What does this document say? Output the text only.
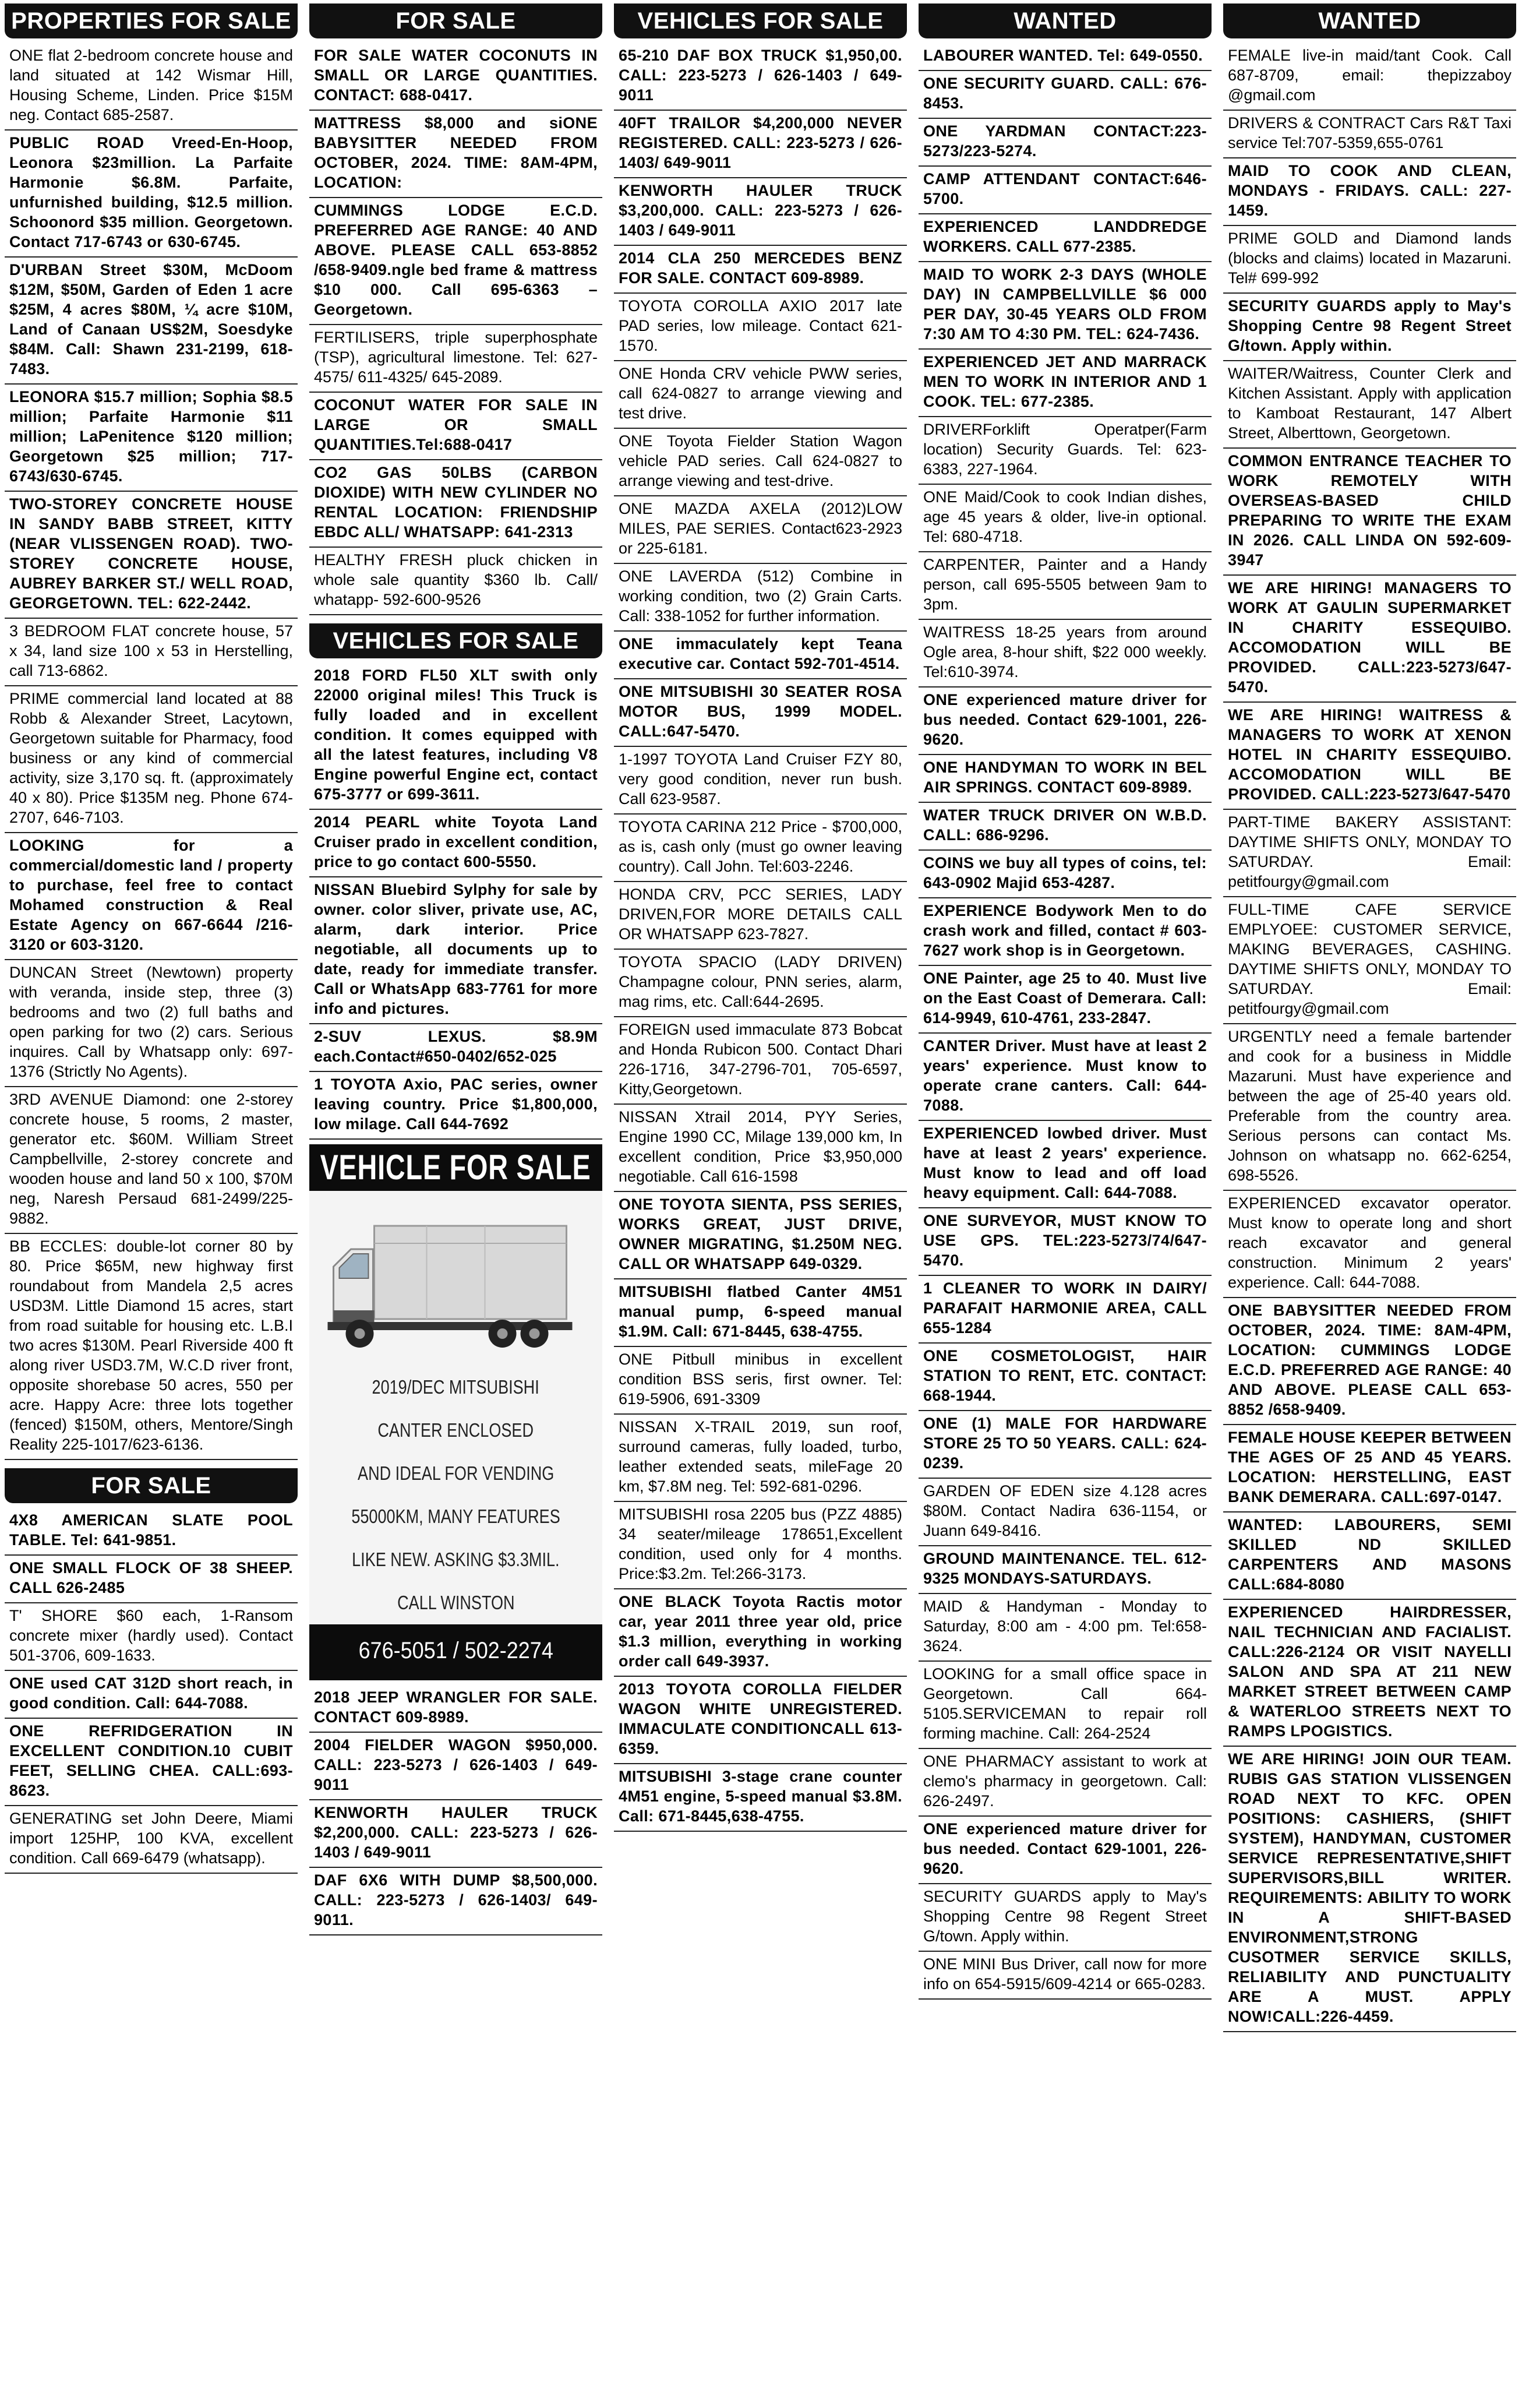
PROPERTIES FOR SALE
ONE flat 2-bedroom concrete house and land situated at 142 Wismar Hill, Housing Scheme, Linden. Price $15M neg. Contact 685-2587.
PUBLIC ROAD Vreed-En-Hoop, Leonora $23million. La Parfaite Harmonie $6.8M. Parfaite, unfurnished building, $12.5 million. Schoonord $35 million. Georgetown. Contact 717-6743 or 630-6745.
D'URBAN Street $30M, McDoom $12M, $50M, Garden of Eden 1 acre $25M, 4 acres $80M, ¼ acre $10M, Land of Canaan US$2M, Soesdyke $84M. Call: Shawn 231-2199, 618-7483.
LEONORA $15.7 million; Sophia $8.5 million; Parfaite Harmonie $11 million; LaPenitence $120 million; Georgetown $25 million; 717-6743/630-6745.
TWO-STOREY CONCRETE HOUSE IN SANDY BABB STREET, KITTY (NEAR VLISSENGEN ROAD). TWO-STOREY CONCRETE HOUSE, AUBREY BARKER ST./ WELL ROAD, GEORGETOWN. TEL: 622-2442.
3 BEDROOM FLAT concrete house, 57 x 34, land size 100 x 53 in Herstelling, call 713-6862.
PRIME commercial land located at 88 Robb & Alexander Street, Lacytown, Georgetown suitable for Pharmacy, food business or any kind of commercial activity, size 3,170 sq. ft. (approximately 40 x 80). Price $135M neg. Phone 674-2707, 646-7103.
LOOKING for a commercial/domestic land / property to purchase, feel free to contact Mohamed construction & Real Estate Agency on 667-6644 /216-3120 or 603-3120.
DUNCAN Street (Newtown) property with veranda, inside step, three (3) bedrooms and two (2) full baths and open parking for two (2) cars. Serious inquires. Call by Whatsapp only: 697-1376 (Strictly No Agents).
3RD AVENUE Diamond: one 2-storey concrete house, 5 rooms, 2 master, generator etc. $60M. William Street Campbellville, 2-storey concrete and wooden house and land 50 x 100, $70M neg, Naresh Persaud 681-2499/225-9882.
BB ECCLES: double-lot corner 80 by 80. Price $65M, new highway first roundabout from Mandela 2,5 acres USD3M. Little Diamond 15 acres, start from road suitable for housing etc. L.B.I two acres $130M. Pearl Riverside 400 ft along river USD3.7M, W.C.D river front, opposite shorebase 50 acres, 550 per acre. Happy Acre: three lots together (fenced) $150M, others, Mentore/Singh Reality 225-1017/623-6136.
FOR SALE
4X8 AMERICAN SLATE POOL TABLE. Tel: 641-9851.
ONE SMALL FLOCK OF 38 SHEEP. CALL 626-2485
T' SHORE $60 each, 1-Ransom concrete mixer (hardly used). Contact 501-3706, 609-1633.
ONE used CAT 312D short reach, in good condition. Call: 644-7088.
ONE REFRIDGERATION IN EXCELLENT CONDITION.10 CUBIT FEET, SELLING CHEA. CALL:693-8623.
GENERATING set John Deere, Miami import 125HP, 100 KVA, excellent condition. Call 669-6479 (whatsapp).
FOR SALE
FOR SALE WATER COCONUTS IN SMALL OR LARGE QUANTITIES. CONTACT: 688-0417.
MATTRESS $8,000 and siONE BABYSITTER NEEDED FROM OCTOBER, 2024. TIME: 8AM-4PM, LOCATION:
CUMMINGS LODGE E.C.D. PREFERRED AGE RANGE: 40 AND ABOVE. PLEASE CALL 653-8852 /658-9409.ngle bed frame & mattress $10 000. Call 695-6363 – Georgetown.
FERTILISERS, triple superphosphate (TSP), agricultural limestone. Tel: 627-4575/ 611-4325/ 645-2089.
COCONUT WATER FOR SALE IN LARGE OR SMALL QUANTITIES.Tel:688-0417
CO2 GAS 50LBS (CARBON DIOXIDE) WITH NEW CYLINDER NO RENTAL LOCATION: FRIENDSHIP EBDC ALL/ WHATSAPP: 641-2313
HEALTHY FRESH pluck chicken in whole sale quantity $360 lb. Call/ whatapp- 592-600-9526
VEHICLES FOR SALE
2018 FORD FL50 XLT swith only 22000 original miles! This Truck is fully loaded and in excellent condition. It comes equipped with all the latest features, including V8 Engine powerful Engine ect, contact 675-3777 or 699-3611.
2014 PEARL white Toyota Land Cruiser prado in excellent condition, price to go contact 600-5550.
NISSAN Bluebird Sylphy for sale by owner. color sliver, private use, AC, alarm, dark interior. Price negotiable, all documents up to date, ready for immediate transfer. Call or WhatsApp 683-7761 for more info and pictures.
2-SUV LEXUS. $8.9M each.Contact#650-0402/652-025
1 TOYOTA Axio, PAC series, owner leaving country. Price $1,800,000, low milage. Call 644-7692
VEHICLE FOR SALE
2019/DEC MITSUBISHI
CANTER ENCLOSED
AND IDEAL FOR VENDING
55000KM, MANY FEATURES
LIKE NEW. ASKING $3.3MIL.
CALL WINSTON
676-5051 / 502-2274
2018 JEEP WRANGLER FOR SALE. CONTACT 609-8989.
2004 FIELDER WAGON $950,000. CALL: 223-5273 / 626-1403 / 649-9011
KENWORTH HAULER TRUCK $2,200,000. CALL: 223-5273 / 626-1403 / 649-9011
DAF 6X6 WITH DUMP $8,500,000. CALL: 223-5273 / 626-1403/ 649-9011.
VEHICLES FOR SALE
65-210 DAF BOX TRUCK $1,950,00. CALL: 223-5273 / 626-1403 / 649-9011
40FT TRAILOR $4,200,000 NEVER REGISTERED. CALL: 223-5273 / 626-1403/ 649-9011
KENWORTH HAULER TRUCK $3,200,000. CALL: 223-5273 / 626-1403 / 649-9011
2014 CLA 250 MERCEDES BENZ FOR SALE. CONTACT 609-8989.
TOYOTA COROLLA AXIO 2017 late PAD series, low mileage. Contact 621-1570.
ONE Honda CRV vehicle PWW series, call 624-0827 to arrange viewing and test drive.
ONE Toyota Fielder Station Wagon vehicle PAD series. Call 624-0827 to arrange viewing and test-drive.
ONE MAZDA AXELA (2012)LOW MILES, PAE SERIES. Contact623-2923 or 225-6181.
ONE LAVERDA (512) Combine in working condition, two (2) Grain Carts. Call: 338-1052 for further information.
ONE immaculately kept Teana executive car. Contact 592-701-4514.
ONE MITSUBISHI 30 SEATER ROSA MOTOR BUS, 1999 MODEL. CALL:647-5470.
1-1997 TOYOTA Land Cruiser FZY 80, very good condition, never run bush. Call 623-9587.
TOYOTA CARINA 212 Price - $700,000, as is, cash only (must go owner leaving country). Call John. Tel:603-2246.
HONDA CRV, PCC SERIES, LADY DRIVEN,FOR MORE DETAILS CALL OR WHATSAPP 623-7827.
TOYOTA SPACIO (LADY DRIVEN) Champagne colour, PNN series, alarm, mag rims, etc. Call:644-2695.
FOREIGN used immaculate 873 Bobcat and Honda Rubicon 500. Contact Dhari 226-1716, 347-2796-701, 705-6597, Kitty,Georgetown.
NISSAN Xtrail 2014, PYY Series, Engine 1990 CC, Milage 139,000 km, In excellent condition, Price $3,950,000 negotiable. Call 616-1598
ONE TOYOTA SIENTA, PSS SERIES, WORKS GREAT, JUST DRIVE, OWNER MIGRATING, $1.250M NEG. CALL OR WHATSAPP 649-0329.
MITSUBISHI flatbed Canter 4M51 manual pump, 6-speed manual $1.9M. Call: 671-8445, 638-4755.
ONE Pitbull minibus in excellent condition BSS seris, first owner. Tel: 619-5906, 691-3309
NISSAN X-TRAIL 2019, sun roof, surround cameras, fully loaded, turbo, leather extended seats, mileFage 20 km, $7.8M neg. Tel: 592-681-0296.
MITSUBISHI rosa 2205 bus (PZZ 4885) 34 seater/mileage 178651,Excellent condition, used only for 4 months. Price:$3.2m. Tel:266-3173.
ONE BLACK Toyota Ractis motor car, year 2011 three year old, price $1.3 million, everything in working order call 649-3937.
2013 TOYOTA COROLLA FIELDER WAGON WHITE UNREGISTERED. IMMACULATE CONDITIONCALL 613-6359.
MITSUBISHI 3-stage crane counter 4M51 engine, 5-speed manual $3.8M. Call: 671-8445,638-4755.
WANTED
LABOURER WANTED. Tel: 649-0550.
ONE SECURITY GUARD. CALL: 676-8453.
ONE YARDMAN CONTACT:223-5273/223-5274.
CAMP ATTENDANT CONTACT:646-5700.
EXPERIENCED LANDDREDGE WORKERS. CALL 677-2385.
MAID TO WORK 2-3 DAYS (WHOLE DAY) IN CAMPBELLVILLE $6 000 PER DAY, 30-45 YEARS OLD FROM 7:30 AM TO 4:30 PM. TEL: 624-7436.
EXPERIENCED JET AND MARRACK MEN TO WORK IN INTERIOR AND 1 COOK. TEL: 677-2385.
DRIVERForklift Operatper(Farm location) Security Guards. Tel: 623-6383, 227-1964.
ONE Maid/Cook to cook Indian dishes, age 45 years & older, live-in optional. Tel: 680-4718.
CARPENTER, Painter and a Handy person, call 695-5505 between 9am to 3pm.
WAITRESS 18-25 years from around Ogle area, 8-hour shift, $22 000 weekly. Tel:610-3974.
ONE experienced mature driver for bus needed. Contact 629-1001, 226-9620.
ONE HANDYMAN TO WORK IN BEL AIR SPRINGS. CONTACT 609-8989.
WATER TRUCK DRIVER ON W.B.D. CALL: 686-9296.
COINS we buy all types of coins, tel: 643-0902 Majid 653-4287.
EXPERIENCE Bodywork Men to do crash work and filled, contact # 603-7627 work shop is in Georgetown.
ONE Painter, age 25 to 40. Must live on the East Coast of Demerara. Call: 614-9949, 610-4761, 233-2847.
CANTER Driver. Must have at least 2 years' experience. Must know to operate crane canters. Call: 644-7088.
EXPERIENCED lowbed driver. Must have at least 2 years' experience. Must know to lead and off load heavy equipment. Call: 644-7088.
ONE SURVEYOR, MUST KNOW TO USE GPS. TEL:223-5273/74/647-5470.
1 CLEANER TO WORK IN DAIRY/ PARAFAIT HARMONIE AREA, CALL 655-1284
ONE COSMETOLOGIST, HAIR STATION TO RENT, ETC. CONTACT: 668-1944.
ONE (1) MALE FOR HARDWARE STORE 25 TO 50 YEARS. CALL: 624-0239.
GARDEN OF EDEN size 4.128 acres $80M. Contact Nadira 636-1154, or Juann 649-8416.
GROUND MAINTENANCE. TEL. 612-9325 MONDAYS-SATURDAYS.
MAID & Handyman - Monday to Saturday, 8:00 am - 4:00 pm. Tel:658-3624.
LOOKING for a small office space in Georgetown. Call 664-5105.SERVICEMAN to repair roll forming machine. Call: 264-2524
ONE PHARMACY assistant to work at clemo's pharmacy in georgetown. Call: 626-2497.
ONE experienced mature driver for bus needed. Contact 629-1001, 226-9620.
SECURITY GUARDS apply to May's Shopping Centre 98 Regent Street G/town. Apply within.
ONE MINI Bus Driver, call now for more info on 654-5915/609-4214 or 665-0283.
WANTED
FEMALE live-in maid/tant Cook. Call 687-8709, email: thepizzaboy @gmail.com
DRIVERS & CONTRACT Cars R&T Taxi service Tel:707-5359,655-0761
MAID TO COOK AND CLEAN, MONDAYS - FRIDAYS. CALL: 227-1459.
PRIME GOLD and Diamond lands (blocks and claims) located in Mazaruni. Tel# 699-992
SECURITY GUARDS apply to May's Shopping Centre 98 Regent Street G/town. Apply within.
WAITER/Waitress, Counter Clerk and Kitchen Assistant. Apply with application to Kamboat Restaurant, 147 Albert Street, Alberttown, Georgetown.
COMMON ENTRANCE TEACHER TO WORK REMOTELY WITH OVERSEAS-BASED CHILD PREPARING TO WRITE THE EXAM IN 2026. CALL LINDA ON 592-609-3947
WE ARE HIRING! MANAGERS TO WORK AT GAULIN SUPERMARKET IN CHARITY ESSEQUIBO. ACCOMODATION WILL BE PROVIDED. CALL:223-5273/647-5470.
WE ARE HIRING! WAITRESS & MANAGERS TO WORK AT XENON HOTEL IN CHARITY ESSEQUIBO. ACCOMODATION WILL BE PROVIDED. CALL:223-5273/647-5470
PART-TIME BAKERY ASSISTANT: DAYTIME SHIFTS ONLY, MONDAY TO SATURDAY. Email: petitfourgy@gmail.com
FULL-TIME CAFE SERVICE EMPLYOEE: CUSTOMER SERVICE, MAKING BEVERAGES, CASHING. DAYTIME SHIFTS ONLY, MONDAY TO SATURDAY. Email: petitfourgy@gmail.com
URGENTLY need a female bartender and cook for a business in Middle Mazaruni. Must have experience and between the age of 25-40 years old. Preferable from the country area. Serious persons can contact Ms. Johnson on whatsapp no. 662-6254, 698-5526.
EXPERIENCED excavator operator. Must know to operate long and short reach excavator and general construction. Minimum 2 years' experience. Call: 644-7088.
ONE BABYSITTER NEEDED FROM OCTOBER, 2024. TIME: 8AM-4PM, LOCATION: CUMMINGS LODGE E.C.D. PREFERRED AGE RANGE: 40 AND ABOVE. PLEASE CALL 653-8852 /658-9409.
FEMALE HOUSE KEEPER BETWEEN THE AGES OF 25 AND 45 YEARS. LOCATION: HERSTELLING, EAST BANK DEMERARA. CALL:697-0147.
WANTED: LABOURERS, SEMI SKILLED ND SKILLED CARPENTERS AND MASONS CALL:684-8080
EXPERIENCED HAIRDRESSER, NAIL TECHNICIAN AND FACIALIST. CALL:226-2124 OR VISIT NAYELLI SALON AND SPA AT 211 NEW MARKET STREET BETWEEN CAMP & WATERLOO STREETS NEXT TO RAMPS LPOGISTICS.
WE ARE HIRING! JOIN OUR TEAM. RUBIS GAS STATION VLISSENGEN ROAD NEXT TO KFC. OPEN POSITIONS: CASHIERS, (SHIFT SYSTEM), HANDYMAN, CUSTOMER SERVICE REPRESENTATIVE,SHIFT SUPERVISORS,BILL WRITER. REQUIREMENTS: ABILITY TO WORK IN A SHIFT-BASED ENVIRONMENT,STRONG CUSOTMER SERVICE SKILLS, RELIABILITY AND PUNCTUALITY ARE A MUST. APPLY NOW!CALL:226-4459.
